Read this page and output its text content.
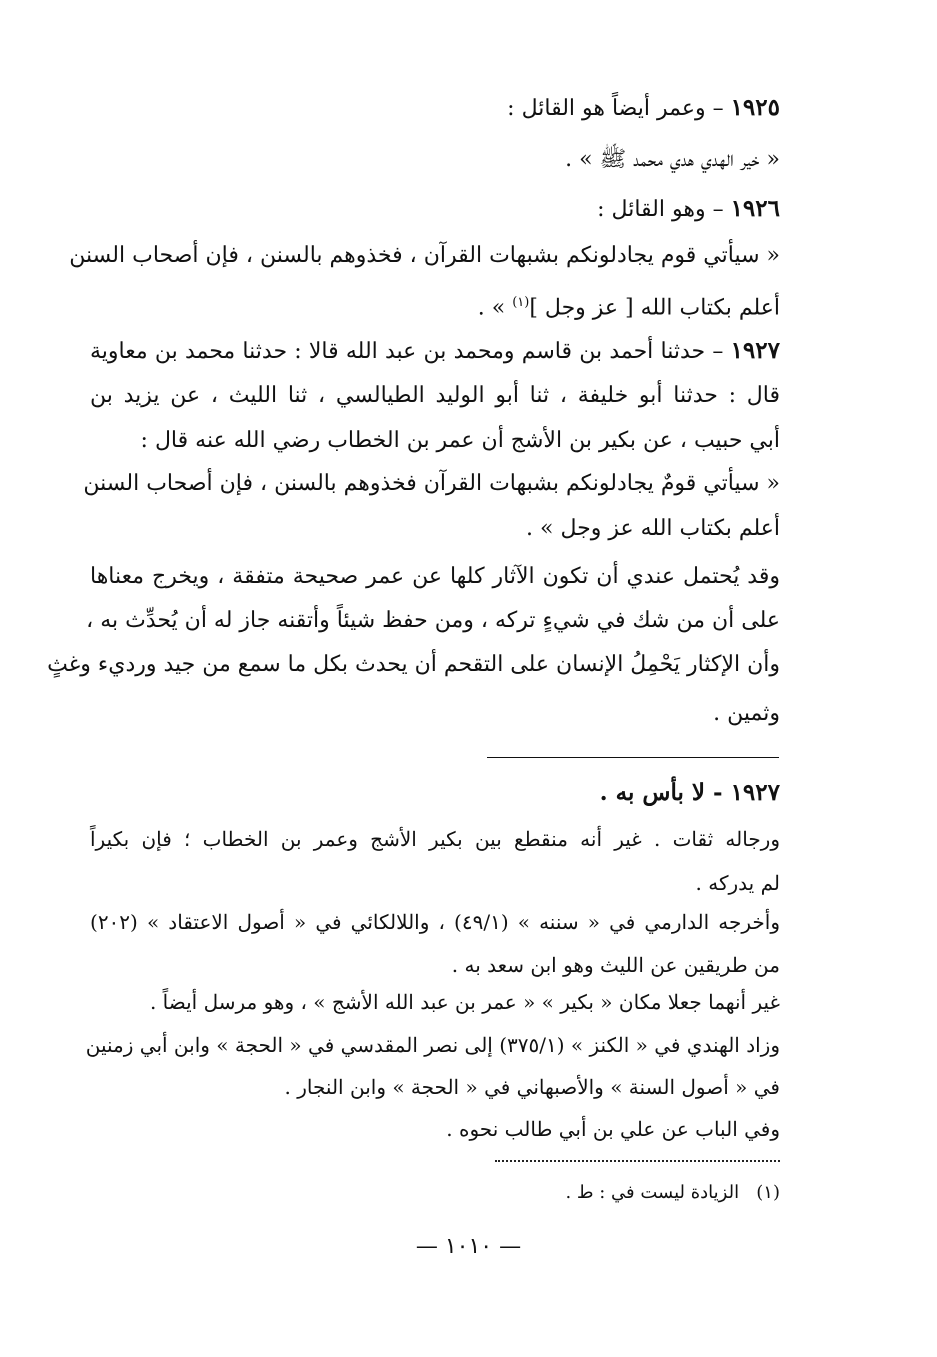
١٩٢٥ – وعمر أيضاً هو القائل :
« خير الهدي هدي محمد ﷺ » .
١٩٢٦ – وهو القائل :
« سيأتي قوم يجادلونكم بشبهات القرآن ، فخذوهم بالسنن ، فإن أصحاب السنن
أعلم بكتاب الله [ عز وجل ]$^{(١)}$ » .
١٩٢٧ – حدثنا أحمد بن قاسم ومحمد بن عبد الله قالا : حدثنا محمد بن معاوية
قال : حدثنا أبو خليفة ، ثنا أبو الوليد الطيالسي ، ثنا الليث ، عن يزيد بن
أبي حبيب ، عن بكير بن الأشج أن عمر بن الخطاب رضي الله عنه قال :
« سيأتي قومٌ يجادلونكم بشبهات القرآن فخذوهم بالسنن ، فإن أصحاب السنن
أعلم بكتاب الله عز وجل » .
وقد يُحتمل عندي أن تكون الآثار كلها عن عمر صحيحة متفقة ، ويخرج معناها
على أن من شك في شيءٍ تركه ، ومن حفظ شيئاً وأتقنه جاز له أن يُحدِّث به ،
وأن الإكثار يَحْمِلُ الإنسان على التقحم أن يحدث بكل ما سمع من جيد ورديء وغثٍ
وثمين .
١٩٢٧ - لا بأس به .
ورجاله ثقات . غير أنه منقطع بين بكير الأشج وعمر بن الخطاب ؛ فإن بكيراً
لم يدركه .
وأخرجه الدارمي في « سننه » (٤٩/١) ، واللالكائي في « أصول الاعتقاد » (٢٠٢)
من طريقين عن الليث وهو ابن سعد به .
غير أنهما جعلا مكان « بكير » « عمر بن عبد الله الأشج » ، وهو مرسل أيضاً .
وزاد الهندي في « الكنز » (٣٧٥/١) إلى نصر المقدسي في « الحجة » وابن أبي زمنين
في « أصول السنة » والأصبهاني في « الحجة » وابن النجار .
وفي الباب عن علي بن أبي طالب نحوه .
(١)   الزيادة ليست في : ط .
— ١٠١٠ —
